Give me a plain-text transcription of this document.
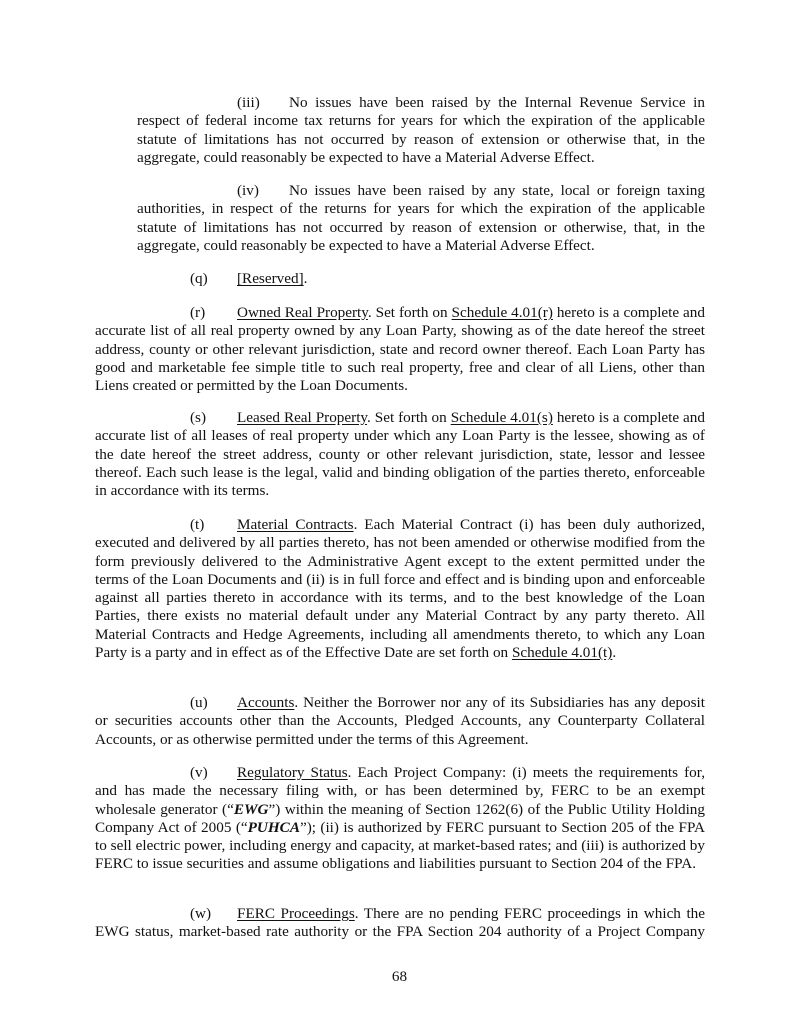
(iii) No issues have been raised by the Internal Revenue Service in respect of federal income tax returns for years for which the expiration of the applicable statute of limitations has not occurred by reason of extension or otherwise that, in the aggregate, could reasonably be expected to have a Material Adverse Effect.

(iv) No issues have been raised by any state, local or foreign taxing authorities, in respect of the returns for years for which the expiration of the applicable statute of limitations has not occurred by reason of extension or otherwise, that, in the aggregate, could reasonably be expected to have a Material Adverse Effect.

(q) [Reserved].

(r) Owned Real Property. Set forth on Schedule 4.01(r) hereto is a complete and accurate list of all real property owned by any Loan Party, showing as of the date hereof the street address, county or other relevant jurisdiction, state and record owner thereof. Each Loan Party has good and marketable fee simple title to such real property, free and clear of all Liens, other than Liens created or permitted by the Loan Documents.

(s) Leased Real Property. Set forth on Schedule 4.01(s) hereto is a complete and accurate list of all leases of real property under which any Loan Party is the lessee, showing as of the date hereof the street address, county or other relevant jurisdiction, state, lessor and lessee thereof. Each such lease is the legal, valid and binding obligation of the parties thereto, enforceable in accordance with its terms.

(t) Material Contracts. Each Material Contract (i) has been duly authorized, executed and delivered by all parties thereto, has not been amended or otherwise modified from the form previously delivered to the Administrative Agent except to the extent permitted under the terms of the Loan Documents and (ii) is in full force and effect and is binding upon and enforceable against all parties thereto in accordance with its terms, and to the best knowledge of the Loan Parties, there exists no material default under any Material Contract by any party thereto. All Material Contracts and Hedge Agreements, including all amendments thereto, to which any Loan Party is a party and in effect as of the Effective Date are set forth on Schedule 4.01(t).

(u) Accounts. Neither the Borrower nor any of its Subsidiaries has any deposit or securities accounts other than the Accounts, Pledged Accounts, any Counterparty Collateral Accounts, or as otherwise permitted under the terms of this Agreement.

(v) Regulatory Status. Each Project Company: (i) meets the requirements for, and has made the necessary filing with, or has been determined by, FERC to be an exempt wholesale generator (“EWG”) within the meaning of Section 1262(6) of the Public Utility Holding Company Act of 2005 (“PUHCA”); (ii) is authorized by FERC pursuant to Section 205 of the FPA to sell electric power, including energy and capacity, at market-based rates; and (iii) is authorized by FERC to issue securities and assume obligations and liabilities pursuant to Section 204 of the FPA.

(w) FERC Proceedings. There are no pending FERC proceedings in which the EWG status, market-based rate authority or the FPA Section 204 authority of a Project Company

68
